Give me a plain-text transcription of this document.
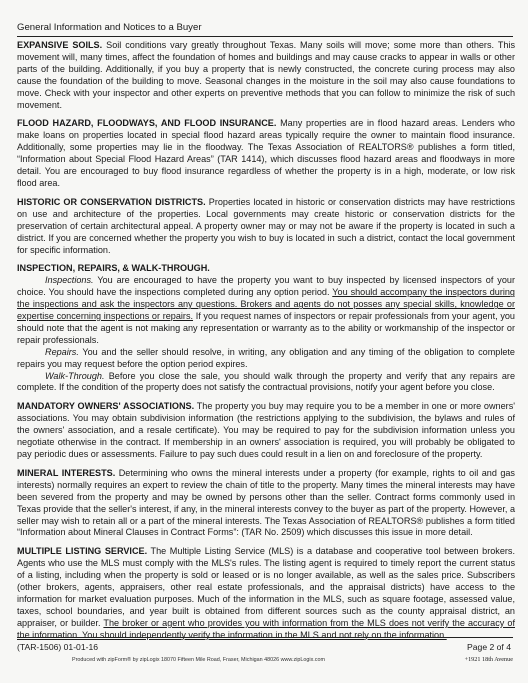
General Information and Notices to a Buyer
EXPANSIVE SOILS. Soil conditions vary greatly throughout Texas. Many soils will move; some more than others. This movement will, many times, affect the foundation of homes and buildings and may cause cracks to appear in walls or other parts of the building. Additionally, if you buy a property that is newly constructed, the concrete curing process may also cause the foundation of the building to move. Seasonal changes in the moisture in the soil may also cause foundations to move. Check with your inspector and other experts on preventive methods that you can follow to minimize the risk of such movement.
FLOOD HAZARD, FLOODWAYS, AND FLOOD INSURANCE. Many properties are in flood hazard areas. Lenders who make loans on properties located in special flood hazard areas typically require the owner to maintain flood insurance. Additionally, some properties may lie in the floodway. The Texas Association of REALTORS® publishes a form titled, “Information about Special Flood Hazard Areas” (TAR 1414), which discusses flood hazard areas and floodways in more detail. You are encouraged to buy flood insurance regardless of whether the property is in a high, moderate, or low risk flood area.
HISTORIC OR CONSERVATION DISTRICTS. Properties located in historic or conservation districts may have restrictions on use and architecture of the properties. Local governments may create historic or conservation districts for the preservation of certain architectural appeal. A property owner may or may not be aware if the property is located in such a district. If you are concerned whether the property you wish to buy is located in such a district, contact the local government for specific information.
INSPECTION, REPAIRS, & WALK-THROUGH.

Inspections. You are encouraged to have the property you want to buy inspected by licensed inspectors of your choice. You should have the inspections completed during any option period. You should accompany the inspectors during the inspections and ask the inspectors any questions. Brokers and agents do not posses any special skills, knowledge or expertise concerning inspections or repairs. If you request names of inspectors or repair professionals from your agent, you should note that the agent is not making any representation or warranty as to the ability or workmanship of the inspector or repair professionals.

Repairs. You and the seller should resolve, in writing, any obligation and any timing of the obligation to complete repairs you may request before the option period expires.

Walk-Through. Before you close the sale, you should walk through the property and verify that any repairs are complete. If the condition of the property does not satisfy the contractual provisions, notify your agent before you close.

MANDATORY OWNERS' ASSOCIATIONS. The property you buy may require you to be a member in one or more owners' associations. You may obtain subdivision information (the restrictions applying to the subdivision, the bylaws and rules of the owners' association, and a resale certificate). You may be required to pay for the subdivision information unless you negotiate otherwise in the contract. If membership in an owners' association is required, you will probably be obligated to pay periodic dues or assessments. Failure to pay such dues could result in a lien on and foreclosure of the property.
MINERAL INTERESTS. Determining who owns the mineral interests under a property (for example, rights to oil and gas interests) normally requires an expert to review the chain of title to the property. Many times the mineral interests may have been severed from the property and may be owned by persons other than the seller. Contract forms commonly used in Texas provide that the seller's interest, if any, in the mineral interests convey to the buyer as part of the property. However, a seller may wish to retain all or a part of the mineral interests. The Texas Association of REALTORS® publishes a form titled “Information about Mineral Clauses in Contract Forms”: (TAR No. 2509) which discusses this issue in more detail.
MULTIPLE LISTING SERVICE. The Multiple Listing Service (MLS) is a database and cooperative tool between brokers. Agents who use the MLS must comply with the MLS's rules. The listing agent is required to timely report the current status of a listing, including when the property is sold or leased or is no longer available, as well as the sales price. Subscribers (other brokers, agents, appraisers, other real estate professionals, and the appraisal districts) have access to the information for market evaluation purposes. Much of the information in the MLS, such as square footage, assessed value, taxes, school boundaries, and year built is obtained from different sources such as the county appraisal district, an appraiser, or builder. The broker or agent who provides you with information from the MLS does not verify the accuracy of the information. You should independently verify the information in the MLS and not rely on the information.
(TAR-1506) 01-01-16	Page 2 of 4
Produced with zipForm® by zipLogix 18070 Fifteen Mile Road, Fraser, Michigan 48026 www.zipLogix.com	+1921 18th Avenue
